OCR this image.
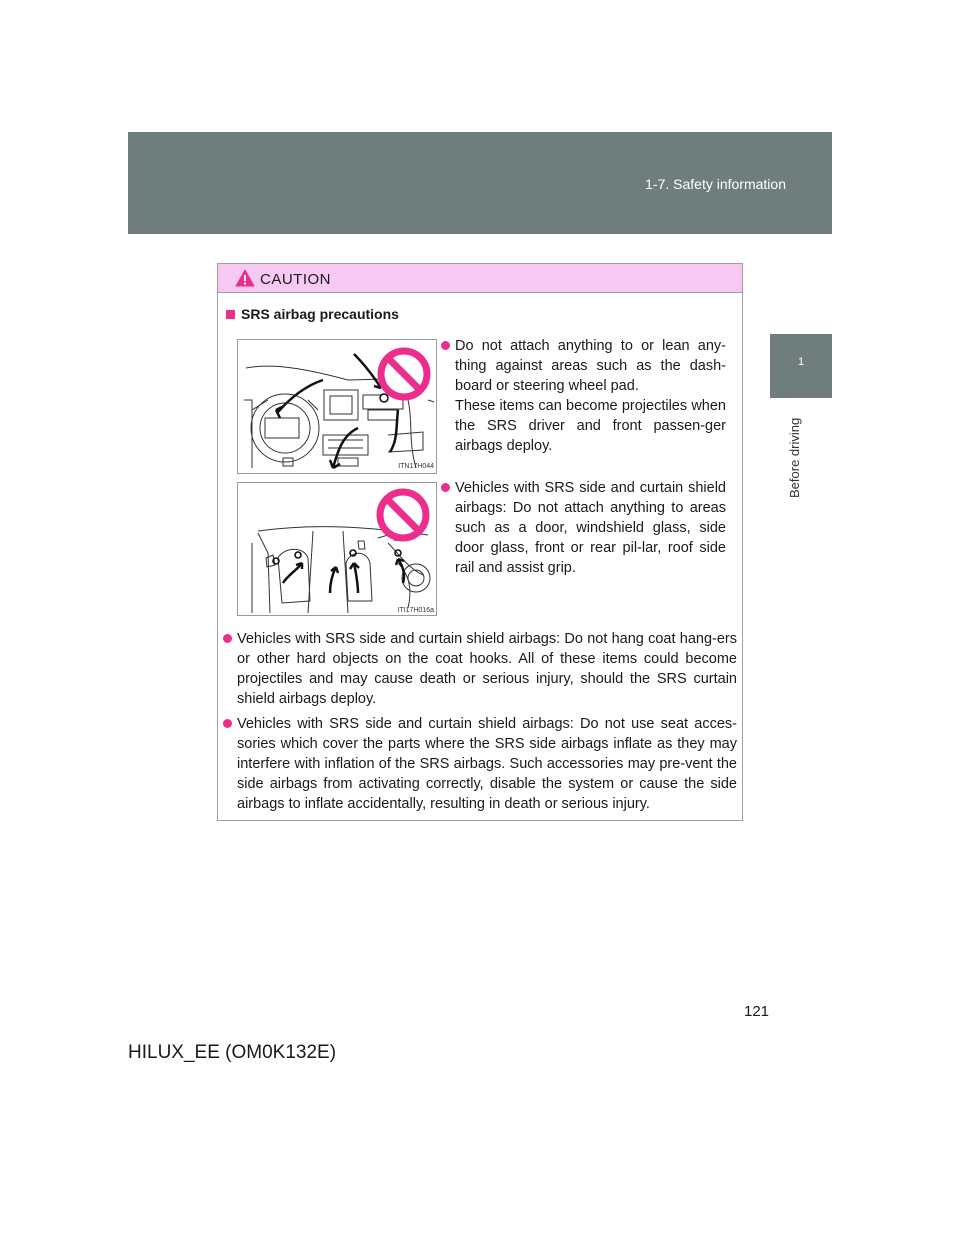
1-7. Safety information
1
Before driving
CAUTION
SRS airbag precautions
ITN17H044
ITI17H016a
Do not attach anything to or lean any-thing against areas such as the dash-board or steering wheel pad.
These items can become projectiles when the SRS driver and front passen-ger airbags deploy.
Vehicles with SRS side and curtain shield airbags: Do not attach anything to areas such as a door, windshield glass, side door glass, front or rear pil-lar, roof side rail and assist grip.
Vehicles with SRS side and curtain shield airbags: Do not hang coat hang-ers or other hard objects on the coat hooks. All of these items could become projectiles and may cause death or serious injury, should the SRS curtain shield airbags deploy.
Vehicles with SRS side and curtain shield airbags: Do not use seat acces-sories which cover the parts where the SRS side airbags inflate as they may interfere with inflation of the SRS airbags. Such accessories may pre-vent the side airbags from activating correctly, disable the system or cause the side airbags to inflate accidentally, resulting in death or serious injury.
121
HILUX_EE (OM0K132E)
